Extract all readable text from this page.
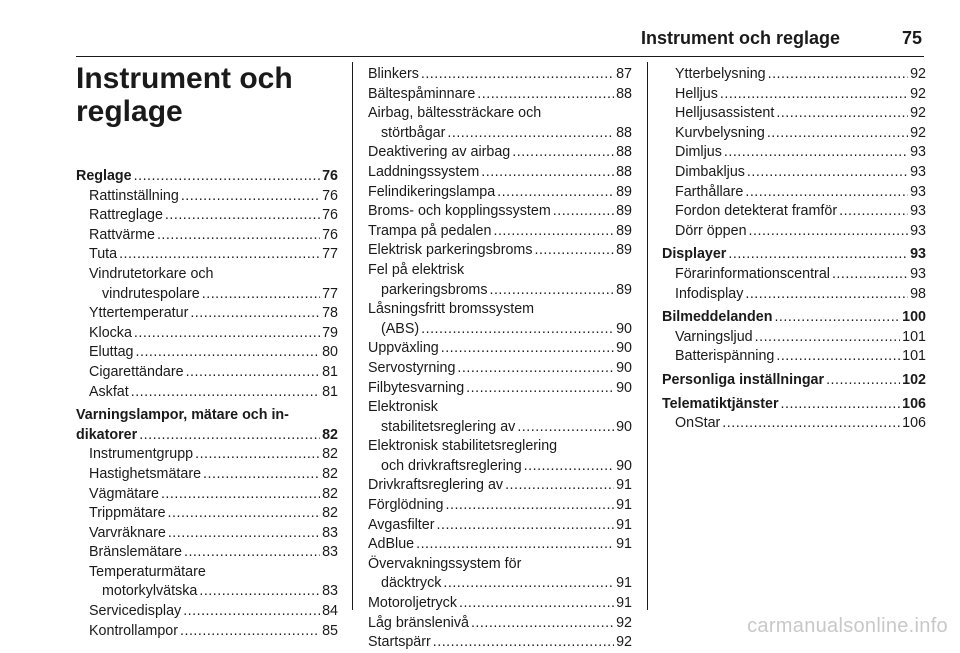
Instrument och reglage	75
Instrument och
reglage
Reglage .....	76
Rattinställning .....	76
Rattreglage .....	76
Rattvärme .....	76
Tuta .....	77
Vindrutetorkare och
vindrutespolare .....	77
Yttertemperatur .....	78
Klocka .....	79
Eluttag .....	80
Cigarettändare .....	81
Askfat .....	81
Varningslampor, mätare och in-
dikatorer .....	82
Instrumentgrupp .....	82
Hastighetsmätare .....	82
Vägmätare .....	82
Trippmätare .....	82
Varvräknare .....	83
Bränslemätare .....	83
Temperaturmätare
motorkylvätska .....	83
Servicedisplay .....	84
Kontrollampor .....	85
Blinkers .....	87
Bältespåminnare .....	88
Airbag, bältessträckare och
störtbågar .....	88
Deaktivering av airbag .....	88
Laddningssystem .....	88
Felindikeringslampa .....	89
Broms- och kopplingssystem .....	89
Trampa på pedalen .....	89
Elektrisk parkeringsbroms .....	89
Fel på elektrisk
parkeringsbroms .....	89
Låsningsfritt bromssystem
(ABS) .....	90
Uppväxling .....	90
Servostyrning .....	90
Filbytesvarning .....	90
Elektronisk
stabilitetsreglering av .....	90
Elektronisk stabilitetsreglering
och drivkraftsreglering .....	90
Drivkraftsreglering av .....	91
Förglödning .....	91
Avgasfilter .....	91
AdBlue .....	91
Övervakningssystem för
däcktryck .....	91
Motoroljetryck .....	91
Låg bränslenivå .....	92
Startspärr .....	92
Ytterbelysning .....	92
Helljus .....	92
Helljusassistent .....	92
Kurvbelysning .....	92
Dimljus .....	93
Dimbakljus .....	93
Farthållare .....	93
Fordon detekterat framför .....	93
Dörr öppen .....	93
Displayer .....	93
Förarinformationscentral .....	93
Infodisplay .....	98
Bilmeddelanden .....	100
Varningsljud .....	101
Batterispänning .....	101
Personliga inställningar .....	102
Telematiktjänster .....	106
OnStar .....	106
carmanualsonline.info
